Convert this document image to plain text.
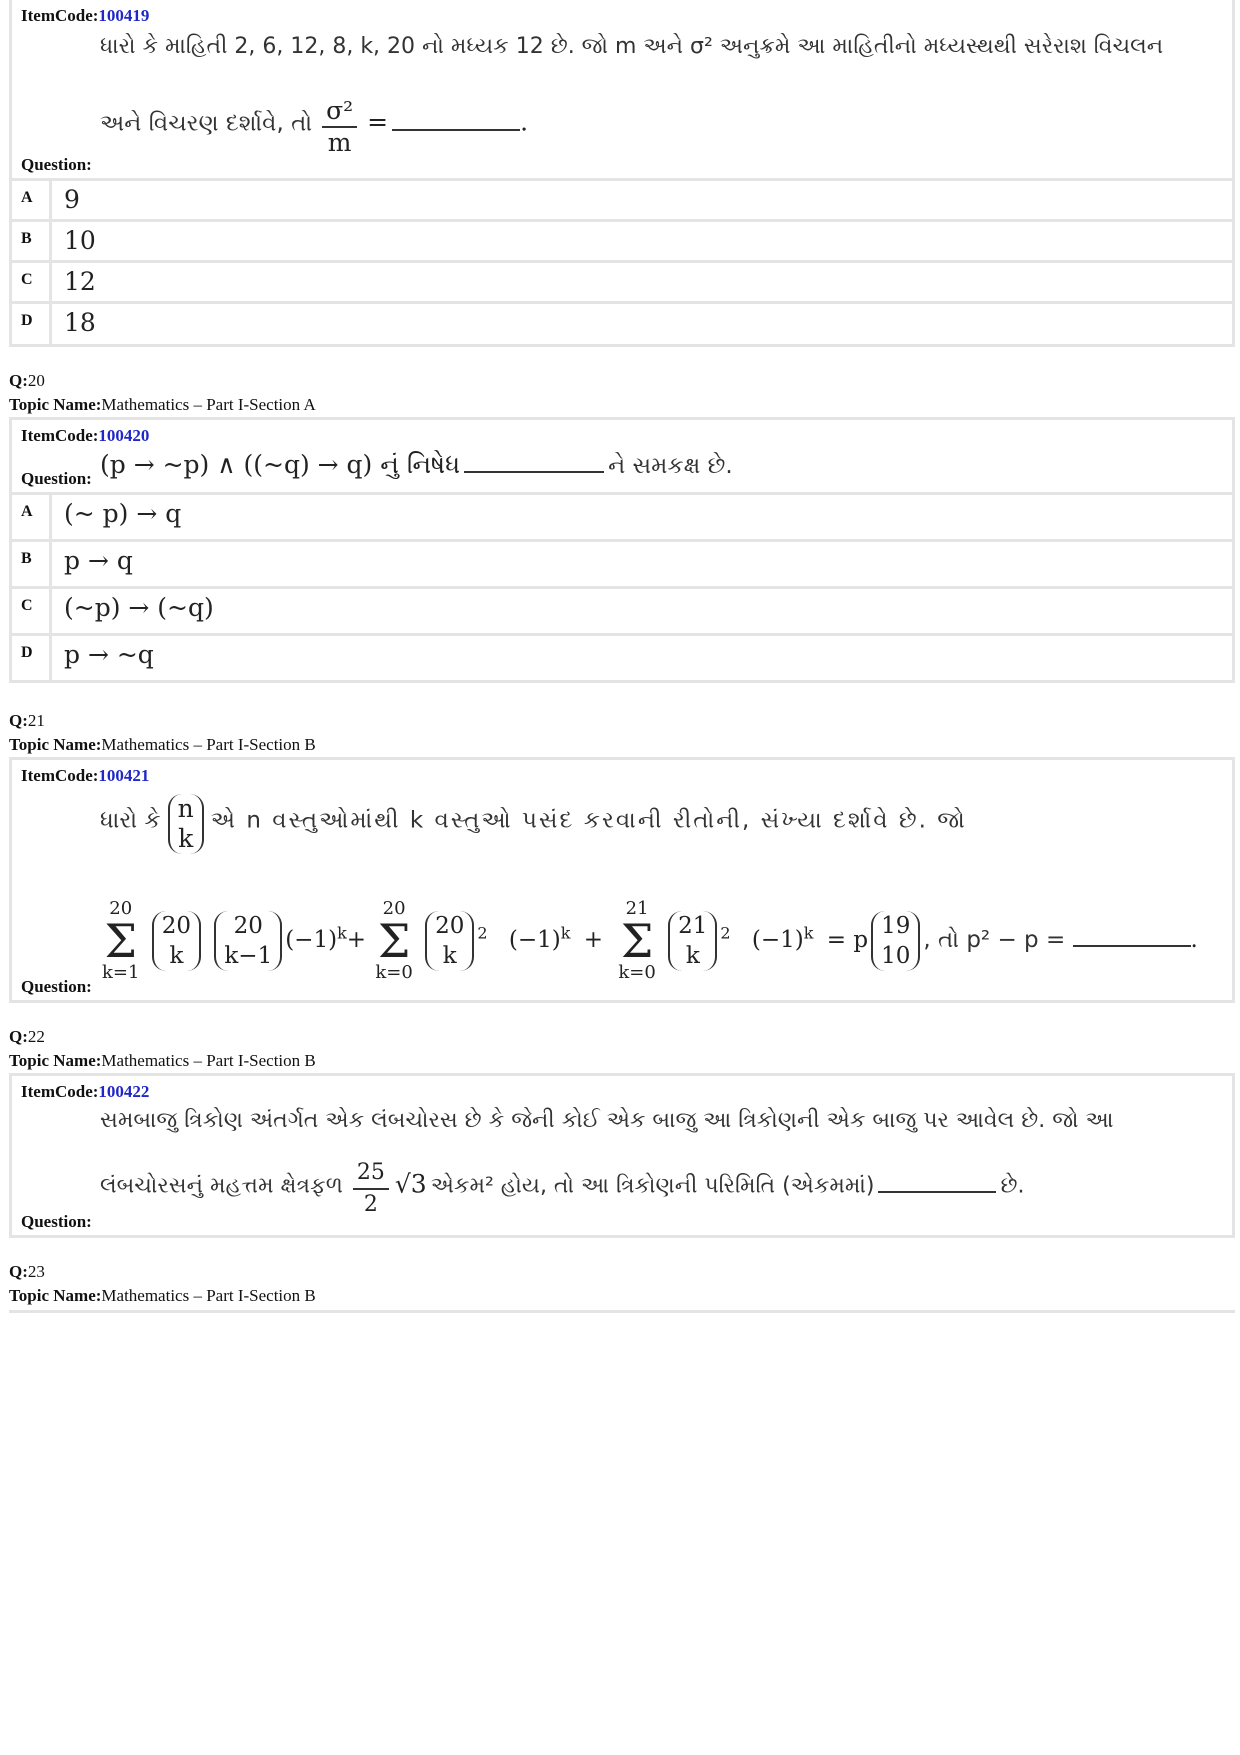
ItemCode:100419
ધારો કે માહિતી 2, 6, 12, 8, k, 20 નો મધ્યક 12 છે. જો m અને σ² અનુક્રમે આ માહિતીનો મધ્યસ્થથી સરેરાશ વિચલન
અને વિચરણ દર્શાવે, તો $\frac{\text{σ²}}{m}$ =	.
Question:
A	9
B	10
C	12
D	18
Q:20
Topic Name:Mathematics – Part I-Section A
ItemCode:100420
(p → ~p) ∧ ((~q) → q) નું નિષેધ	ને સમકક્ષ છે.
Question:
A	(~ p) → q
B	p → q
C	(~p) → (~q)
D	p → ~q
Q:21
Topic Name:Mathematics – Part I-Section B
ItemCode:100421
ધારો કે n
k
એ n વસ્તુઓમાંથી k વસ્તુઓ પસંદ કરવાની રીતોની, સંખ્યા દર્શાવે છે. જો
20
Σ
k=1

20
k

20
k−1
$(-1)^k+$
20
Σ
k=0

20
k
$^2$ $(-1)^k$ +
21
Σ
k=0

21
k
$^2$ $(-1)^k = p$
19
10
, તો p² − p =	.
Question:
Q:22
Topic Name:Mathematics – Part I-Section B
ItemCode:100422
સમબાજુ ત્રિકોણ અંતર્ગત એક લંબચોરસ છે કે જેની કોઈ એક બાજુ આ ત્રિકોણની એક બાજુ પર આવેલ છે. જો આ
લંબચોરસનું મહત્તમ ક્ષેત્રફળ $\frac{25}{2} √3$ એકમ² હોય, તો આ ત્રિકોણની પરિમિતિ (એકમમાં)	છે.
Question:
Q:23
Topic Name:Mathematics – Part I-Section B
